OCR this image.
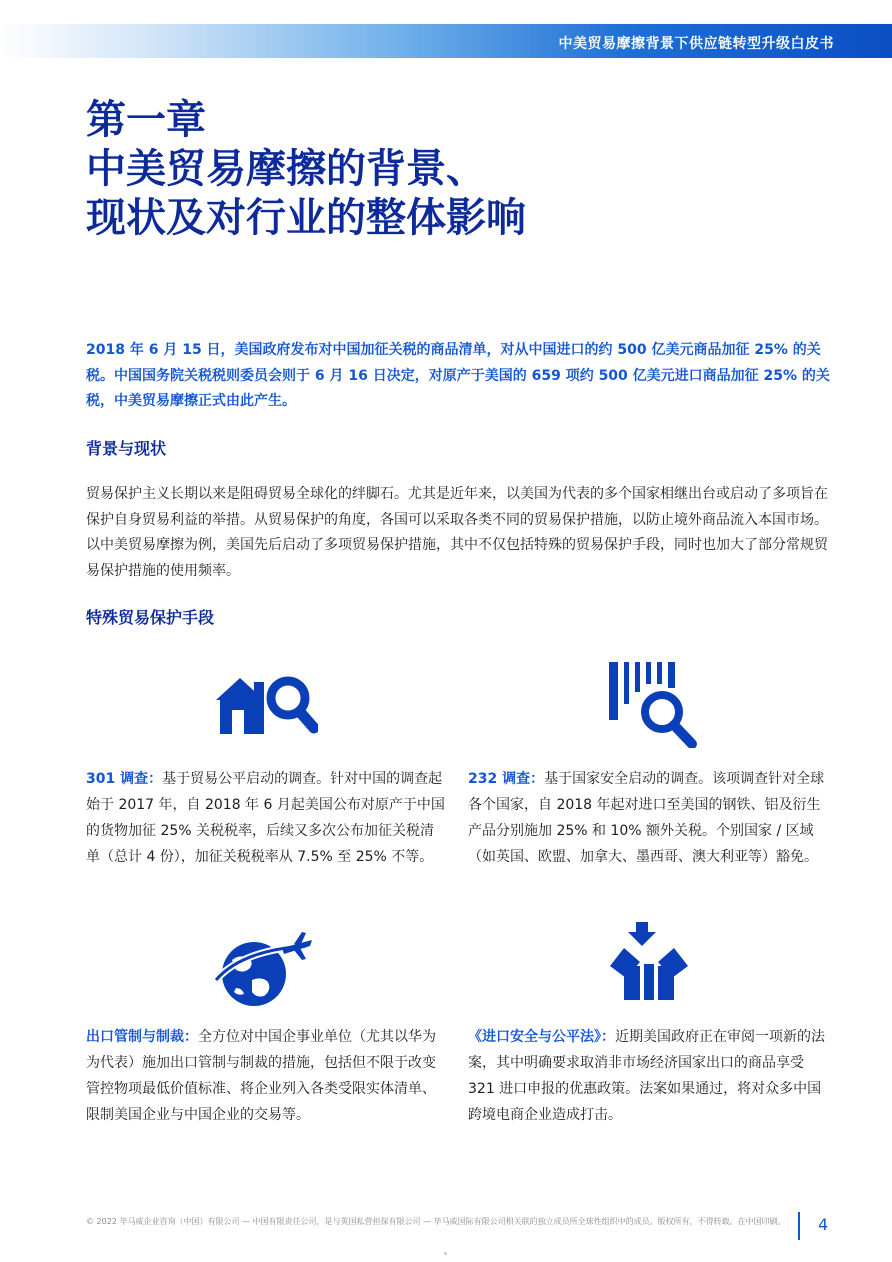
中美贸易摩擦背景下供应链转型升级白皮书
第一章
中美贸易摩擦的背景、
现状及对行业的整体影响

2018 年 6 月 15 日，美国政府发布对中国加征关税的商品清单，对从中国进口的约 500 亿美元商品加征 25% 的关税。中国国务院关税税则委员会则于 6 月 16 日决定，对原产于美国的 659 项约 500 亿美元进口商品加征 25% 的关税，中美贸易摩擦正式由此产生。

背景与现状

贸易保护主义长期以来是阻碍贸易全球化的绊脚石。尤其是近年来，以美国为代表的多个国家相继出台或启动了多项旨在保护自身贸易利益的举措。从贸易保护的角度，各国可以采取各类不同的贸易保护措施，以防止境外商品流入本国市场。以中美贸易摩擦为例，美国先后启动了多项贸易保护措施，其中不仅包括特殊的贸易保护手段，同时也加大了部分常规贸易保护措施的使用频率。

特殊贸易保护手段

301 调查：基于贸易公平启动的调查。针对中国的调查起始于 2017 年，自 2018 年 6 月起美国公布对原产于中国的货物加征 25% 关税税率，后续又多次公布加征关税清单（总计 4 份），加征关税税率从 7.5% 至 25% 不等。

232 调查：基于国家安全启动的调查。该项调查针对全球各个国家，自 2018 年起对进口至美国的钢铁、铝及衍生产品分别施加 25% 和 10% 额外关税。个别国家 / 区域（如英国、欧盟、加拿大、墨西哥、澳大利亚等）豁免。

出口管制与制裁：全方位对中国企事业单位（尤其以华为为代表）施加出口管制与制裁的措施，包括但不限于改变管控物项最低价值标准、将企业列入各类受限实体清单、限制美国企业与中国企业的交易等。

《进口安全与公平法》：近期美国政府正在审阅一项新的法案，其中明确要求取消非市场经济国家出口的商品享受 321 进口申报的优惠政策。法案如果通过，将对众多中国跨境电商企业造成打击。

© 2022 毕马威企业咨询（中国）有限公司 — 中国有限责任公司，是与英国私营担保有限公司 — 毕马威国际有限公司相关联的独立成员所全球性组织中的成员。版权所有，不得转载。在中国印刷。 4
